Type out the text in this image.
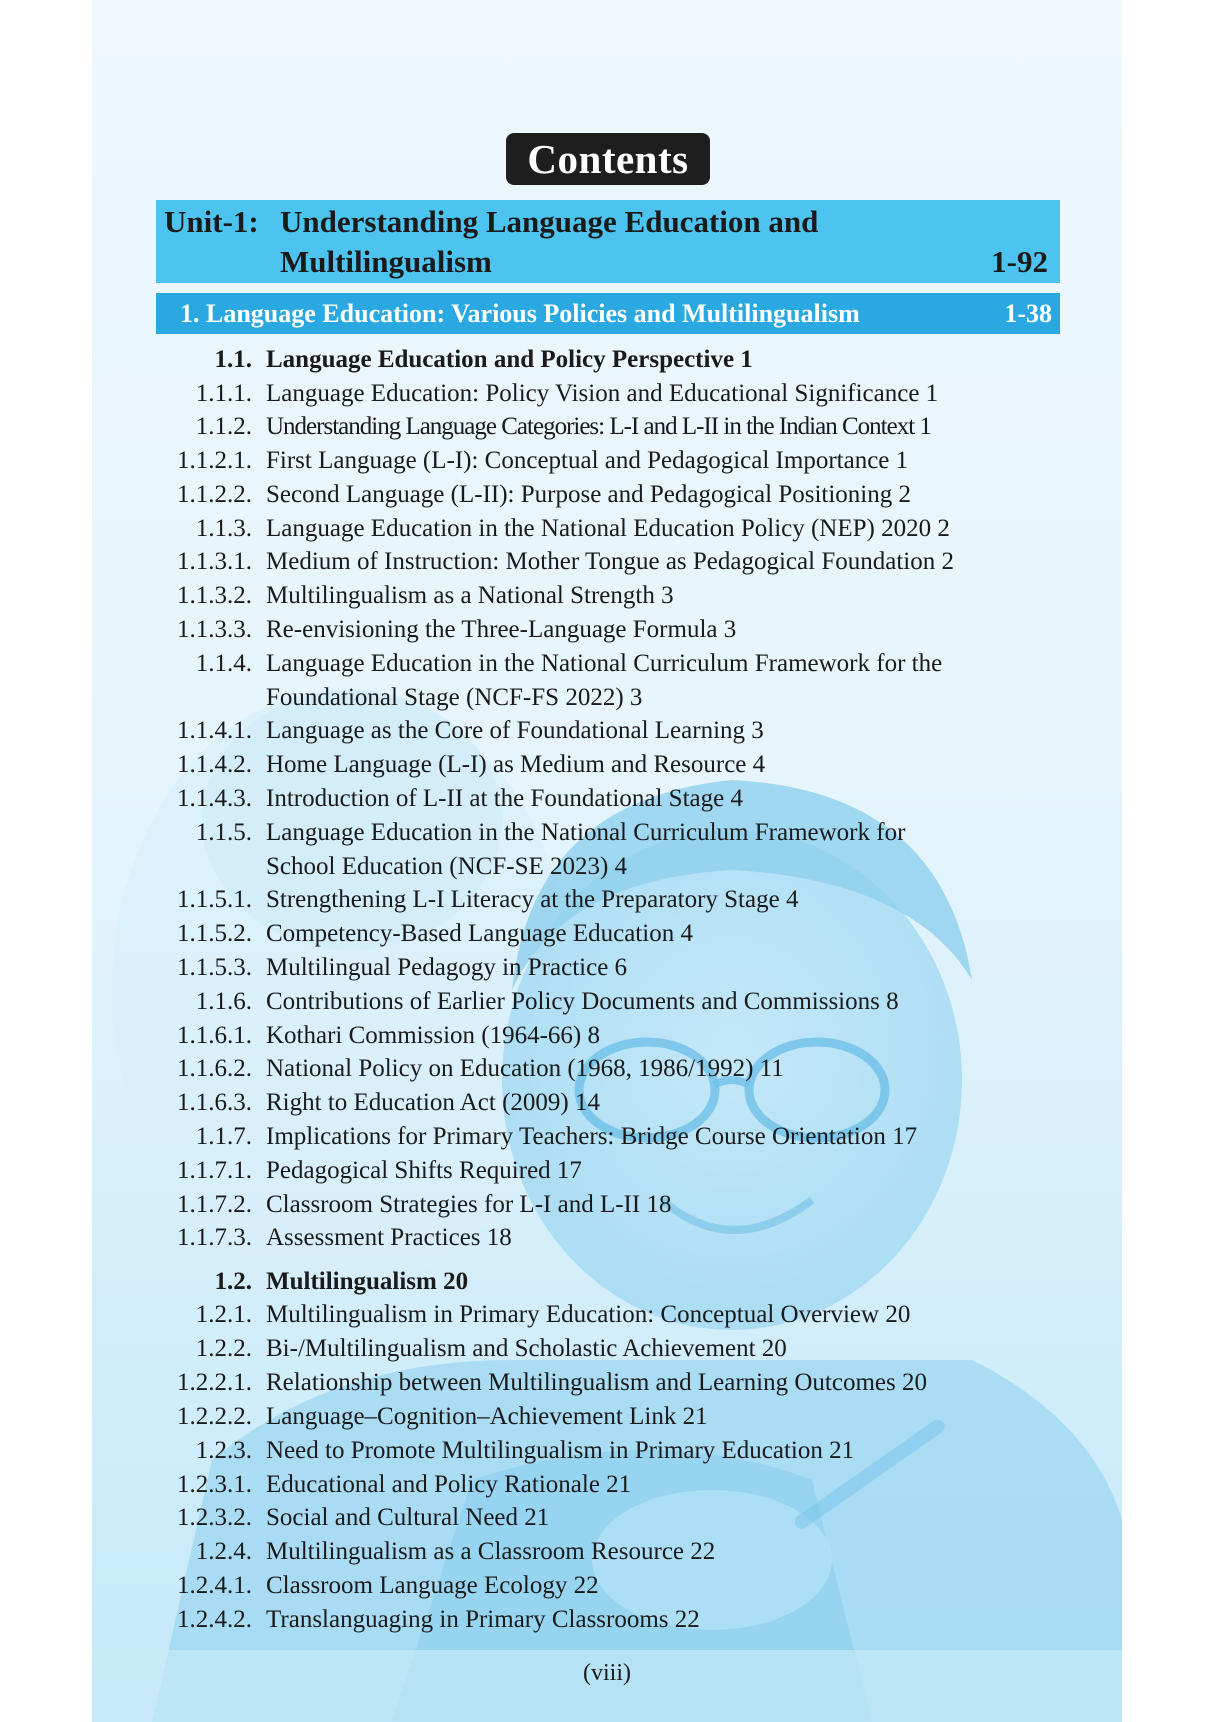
Contents
Unit-1: Understanding Language Education and
Multilingualism	1-92
1. Language Education: Various Policies and Multilingualism	1-38
1.1. Language Education and Policy Perspective 1
1.1.1. Language Education: Policy Vision and Educational Significance 1
1.1.2. Understanding Language Categories: L-I and L-II in the Indian Context 1
1.1.2.1. First Language (L-I): Conceptual and Pedagogical Importance 1
1.1.2.2. Second Language (L-II): Purpose and Pedagogical Positioning 2
1.1.3. Language Education in the National Education Policy (NEP) 2020 2
1.1.3.1. Medium of Instruction: Mother Tongue as Pedagogical Foundation 2
1.1.3.2. Multilingualism as a National Strength 3
1.1.3.3. Re-envisioning the Three-Language Formula 3
1.1.4. Language Education in the National Curriculum Framework for the
Foundational Stage (NCF-FS 2022) 3
1.1.4.1. Language as the Core of Foundational Learning 3
1.1.4.2. Home Language (L-I) as Medium and Resource 4
1.1.4.3. Introduction of L-II at the Foundational Stage 4
1.1.5. Language Education in the National Curriculum Framework for
School Education (NCF-SE 2023) 4
1.1.5.1. Strengthening L-I Literacy at the Preparatory Stage 4
1.1.5.2. Competency-Based Language Education 4
1.1.5.3. Multilingual Pedagogy in Practice 6
1.1.6. Contributions of Earlier Policy Documents and Commissions 8
1.1.6.1. Kothari Commission (1964-66) 8
1.1.6.2. National Policy on Education (1968, 1986/1992) 11
1.1.6.3. Right to Education Act (2009) 14
1.1.7. Implications for Primary Teachers: Bridge Course Orientation 17
1.1.7.1. Pedagogical Shifts Required 17
1.1.7.2. Classroom Strategies for L-I and L-II 18
1.1.7.3. Assessment Practices 18
1.2. Multilingualism 20
1.2.1. Multilingualism in Primary Education: Conceptual Overview 20
1.2.2. Bi-/Multilingualism and Scholastic Achievement 20
1.2.2.1. Relationship between Multilingualism and Learning Outcomes 20
1.2.2.2. Language–Cognition–Achievement Link 21
1.2.3. Need to Promote Multilingualism in Primary Education 21
1.2.3.1. Educational and Policy Rationale 21
1.2.3.2. Social and Cultural Need 21
1.2.4. Multilingualism as a Classroom Resource 22
1.2.4.1. Classroom Language Ecology 22
1.2.4.2. Translanguaging in Primary Classrooms 22
(viii)
